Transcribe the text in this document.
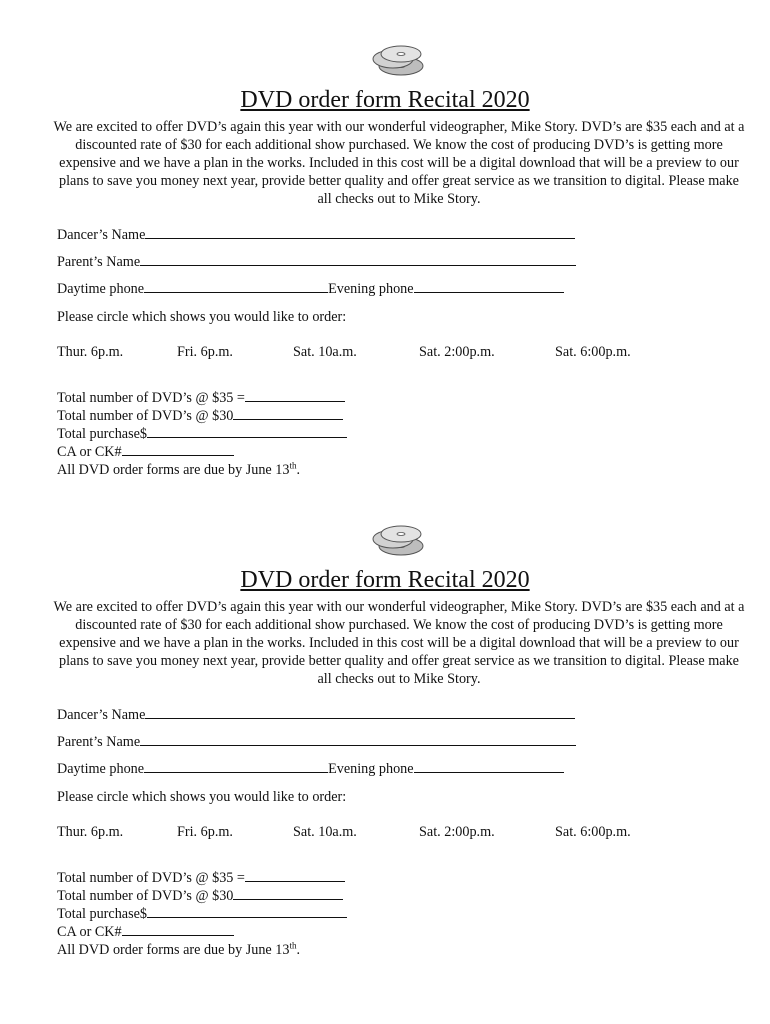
DVD order form Recital 2020
We are excited to offer DVD’s again this year with our wonderful videographer, Mike Story. DVD’s are $35 each and at a discounted rate of $30 for each additional show purchased. We know the cost of producing DVD’s is getting more expensive and we have a plan in the works. Included in this cost will be a digital download that will be a preview to our plans to save you money next year, provide better quality and offer great service as we transition to digital. Please make all checks out to Mike Story.
Dancer’s Name
Parent’s Name
Daytime phone	Evening phone
Please circle which shows you would like to order:
Thur. 6p.m.	Fri. 6p.m.	Sat. 10a.m.	Sat. 2:00p.m.	Sat. 6:00p.m.
Total number of DVD’s @ $35 =
Total number of DVD’s @ $30
Total purchase$
CA or CK#
All DVD order forms are due by June 13th.
DVD order form Recital 2020
We are excited to offer DVD’s again this year with our wonderful videographer, Mike Story. DVD’s are $35 each and at a discounted rate of $30 for each additional show purchased. We know the cost of producing DVD’s is getting more expensive and we have a plan in the works. Included in this cost will be a digital download that will be a preview to our plans to save you money next year, provide better quality and offer great service as we transition to digital. Please make all checks out to Mike Story.
Dancer’s Name
Parent’s Name
Daytime phone	Evening phone
Please circle which shows you would like to order:
Thur. 6p.m.	Fri. 6p.m.	Sat. 10a.m.	Sat. 2:00p.m.	Sat. 6:00p.m.
Total number of DVD’s @ $35 =
Total number of DVD’s @ $30
Total purchase$
CA or CK#
All DVD order forms are due by June 13th.
